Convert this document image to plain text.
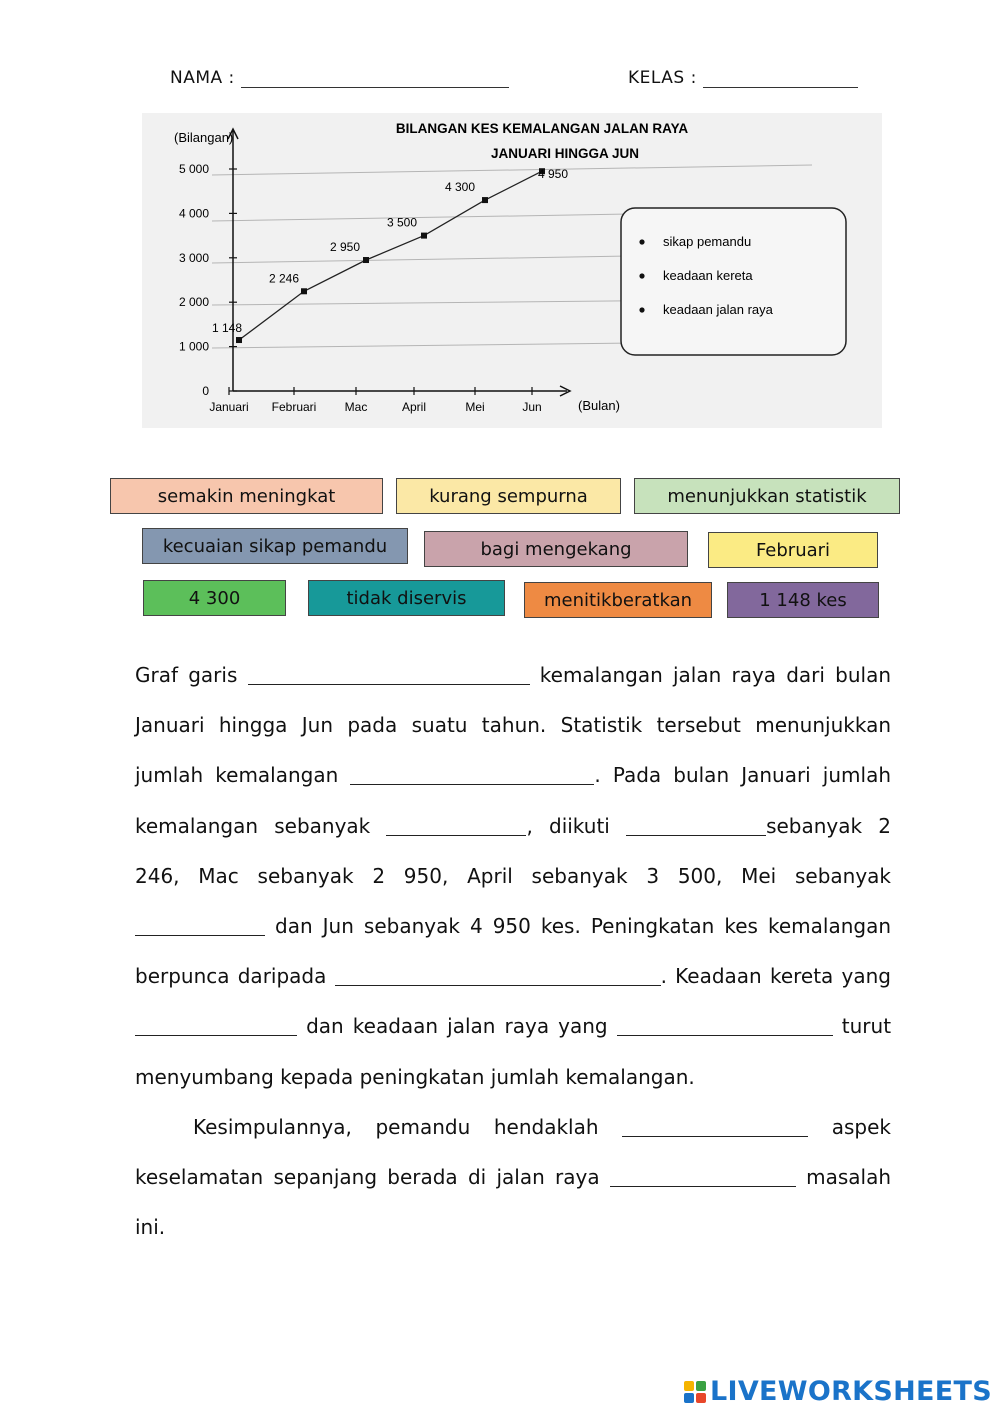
NAMA :	KELAS :
BILANGAN KES KEMALANGAN JALAN RAYA
JANUARI HINGGA JUN
(Bilangan)
(Bulan)
0
1 000
2 000
3 000
4 000
5 000
Januari Februari Mac	April	Mei	Jun
1 148
2 246
2 950
3 500
4 300
4 950
sikap pemandu
keadaan kereta
keadaan jalan raya
semakin meningkat	kurang sempurna	menunjukkan statistik
kecuaian sikap pemandu	bagi mengekang	Februari
4 300	tidak diservis	menitikberatkan	1 148 kes

Graf garis	kemalangan jalan raya dari bulan Januari hingga Jun pada suatu tahun. Statistik tersebut menunjukkan jumlah kemalangan	. Pada bulan Januari jumlah kemalangan sebanyak	, diikuti	sebanyak 2 246, Mac sebanyak 2 950, April sebanyak 3 500, Mei sebanyak  dan Jun sebanyak 4 950 kes. Peningkatan kes kemalangan berpunca daripada	. Keadaan kereta yang  dan keadaan jalan raya yang	turut menyumbang kepada peningkatan jumlah kemalangan.

Kesimpulannya, pemandu hendaklah	aspek keselamatan sepanjang berada di jalan raya	masalah ini.

LIVEWORKSHEETS
